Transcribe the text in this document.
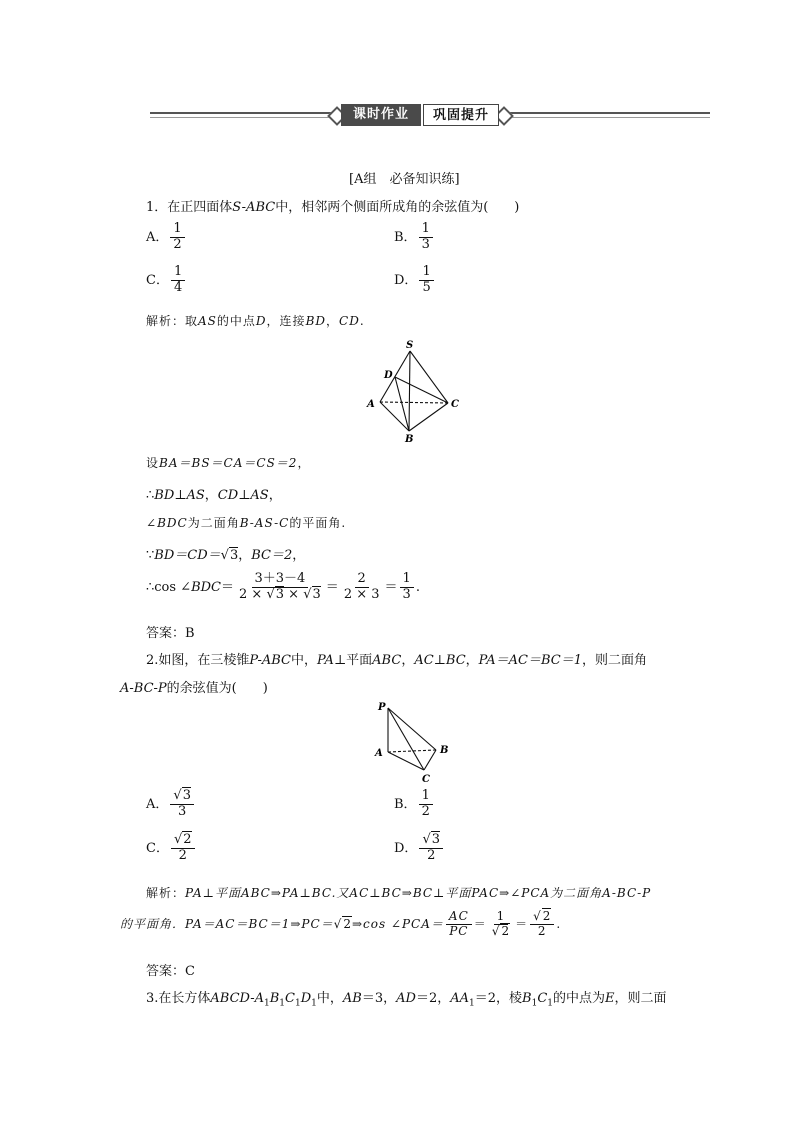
课时作业	巩固提升
[A组　必备知识练]
1．在正四面体S-ABC中，相邻两个侧面所成角的余弦值为(　　)
A． $\frac{1}{2}$	B． $\frac{1}{3}$
C． $\frac{1}{4}$	D． $\frac{1}{5}$
解析：取AS的中点D，连接BD，CD.
S
D
A	C
B
设BA＝BS＝CA＝CS＝2，
∴BD⊥AS，CD⊥AS，
∠BDC为二面角B-AS-C的平面角.
∵BD＝CD＝√3，BC＝2，
∴cos ∠BDC＝ $\frac{3+3-4}{2 \times √3 \times √3} = \frac{2}{2 \times 3} = \frac{1}{3}$ .
答案：B
2.如图，在三棱锥P-ABC中，PA⊥平面ABC，AC⊥BC，PA＝AC＝BC＝1，则二面角
A-BC-P的余弦值为(　　)
P
A	B
C
A． $\frac{√3}{3}$	B． $\frac{1}{2}$
C． $\frac{√2}{2}$	D． $\frac{√3}{2}$
解析：PA⊥平面ABC⇒PA⊥BC.又AC⊥BC⇒BC⊥平面PAC⇒∠PCA为二面角A-BC-P
的平面角．PA＝AC＝BC＝1⇒PC＝√2⇒cos ∠PCA＝ $\frac{AC}{PC} = \frac{1}{√2} = \frac{√2}{2}$ .
答案：C
3.在长方体ABCD-$A_1B_1C_1D_1$中，AB＝3，AD＝2，$AA_1=2$，棱$B_1C_1$的中点为E，则二面
